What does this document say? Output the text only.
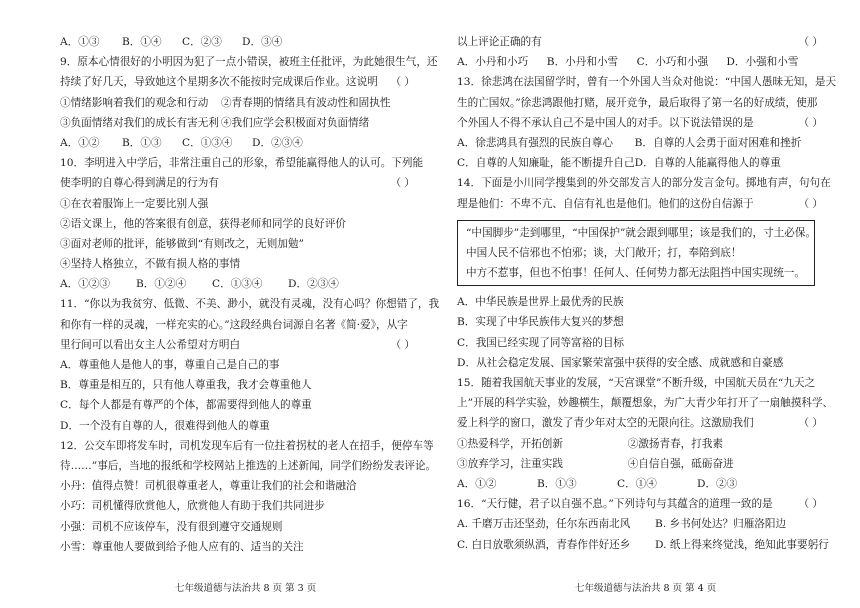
A．①③	B．①④	C．②③	D．③④
9．原本心情很好的小明因为犯了一点小错误，被班主任批评，为此她很生气，还
持续了好几天，导致她这个星期多次不能按时完成课后作业。这说明 （ ）
①情绪影响着我们的观念和行动	②青春期的情绪具有波动性和固执性
③负面情绪对我们的成长有害无利 ④我们应学会积极面对负面情绪
A．①②	B．①③	C．①③④	D．②③④
10．李明进入中学后，非常注重自己的形象，希望能赢得他人的认可。下列能
使李明的自尊心得到满足的行为有	（ ）
①在衣着服饰上一定要比别人强
②语文课上，他的答案很有创意，获得老师和同学的良好评价
③面对老师的批评，能够做到“有则改之，无则加勉”
④坚持人格独立，不做有损人格的事情
A．①②③	B．①②④	C．①③④	D．②③④
11．“你以为我贫穷、低微、不美、渺小，就没有灵魂，没有心吗？你想错了，我
和你有一样的灵魂，一样充实的心。”这段经典台词源自名著《简·爱》，从字
里行间可以看出女主人公希望对方明白	（ ）
A．尊重他人是他人的事，尊重自己是自己的事
B．尊重是相互的，只有他人尊重我，我才会尊重他人
C．每个人都是有尊严的个体，都需要得到他人的尊重
D．一个没有自尊的人，很难得到他人的尊重
12．公交车即将发车时，司机发现车后有一位拄着拐杖的老人在招手，便停车等
待……”事后，当地的报纸和学校网站上推选的上述新闻，同学们纷纷发表评论。
小丹：值得点赞！司机很尊重老人，尊重让我们的社会和谐融洽
小巧：司机懂得欣赏他人，欣赏他人有助于我们共同进步
小强：司机不应该停车，没有很到遵守交通规则
小雪：尊重他人要做到给予他人应有的、适当的关注
以上评论正确的有	（ ）
A．小丹和小巧	B．小丹和小雪	C．小巧和小强	D．小强和小雪
13．徐悲鸿在法国留学时，曾有一个外国人当众对他说：“中国人愚昧无知，是天
生的亡国奴。”徐悲鸿跟他打赌，展开竞争，最后取得了第一名的好成绩，使那
个外国人不得不承认自己不是中国人的对手。以下说法错误的是	（ ）
A．徐悲鸿具有强烈的民族自尊心	B．自尊的人会勇于面对困难和挫折
C．自尊的人知廉耻，能不断提升自己 D．自尊的人能赢得他人的尊重
14．下面是小川同学搜集到的外交部发言人的部分发言金句。掷地有声，句句在
理是他们：不卑不亢、自信有礼也是他们。他们的这份自信源于	（ ）
“中国脚步”走到哪里，“中国保护”就会跟到哪里；该是我们的，寸土必保。
中国人民不信邪也不怕邪；谈，大门敞开；打，奉陪到底！
中方不惹事，但也不怕事！任何人、任何势力都无法阻挡中国实现统一。
A．中华民族是世界上最优秀的民族
B．实现了中华民族伟大复兴的梦想
C．我国已经实现了同等富裕的目标
D．从社会稳定发展、国家繁荣富强中获得的安全感、成就感和自豪感
15．随着我国航天事业的发展，“天宫课堂”不断升级，中国航天员在“九天之
上”开展的科学实验，妙趣横生，颠覆想象，为广大青少年打开了一扇触摸科学、
爱上科学的窗口，激发了青少年对太空的无限向往。这激励我们	（ ）
①热爱科学，开拓创新	②激扬青春，打我素
③放弃学习，注重实践	④自信自强，砥砺奋进
A．①②	B．①③	C．①④	D．②③
16．“天行健，君子以自强不息。”下列诗句与其蕴含的道理一致的是 （ ）
A. 千磨万击还坚劲，任尔东西南北风	B. 乡书何处达？归雁洛阳边
C. 白日放歌须纵酒，青春作伴好还乡	D. 纸上得来终觉浅，绝知此事要躬行
七年级道德与法治共 8 页 第 3 页	七年级道德与法治共 8 页 第 4 页
